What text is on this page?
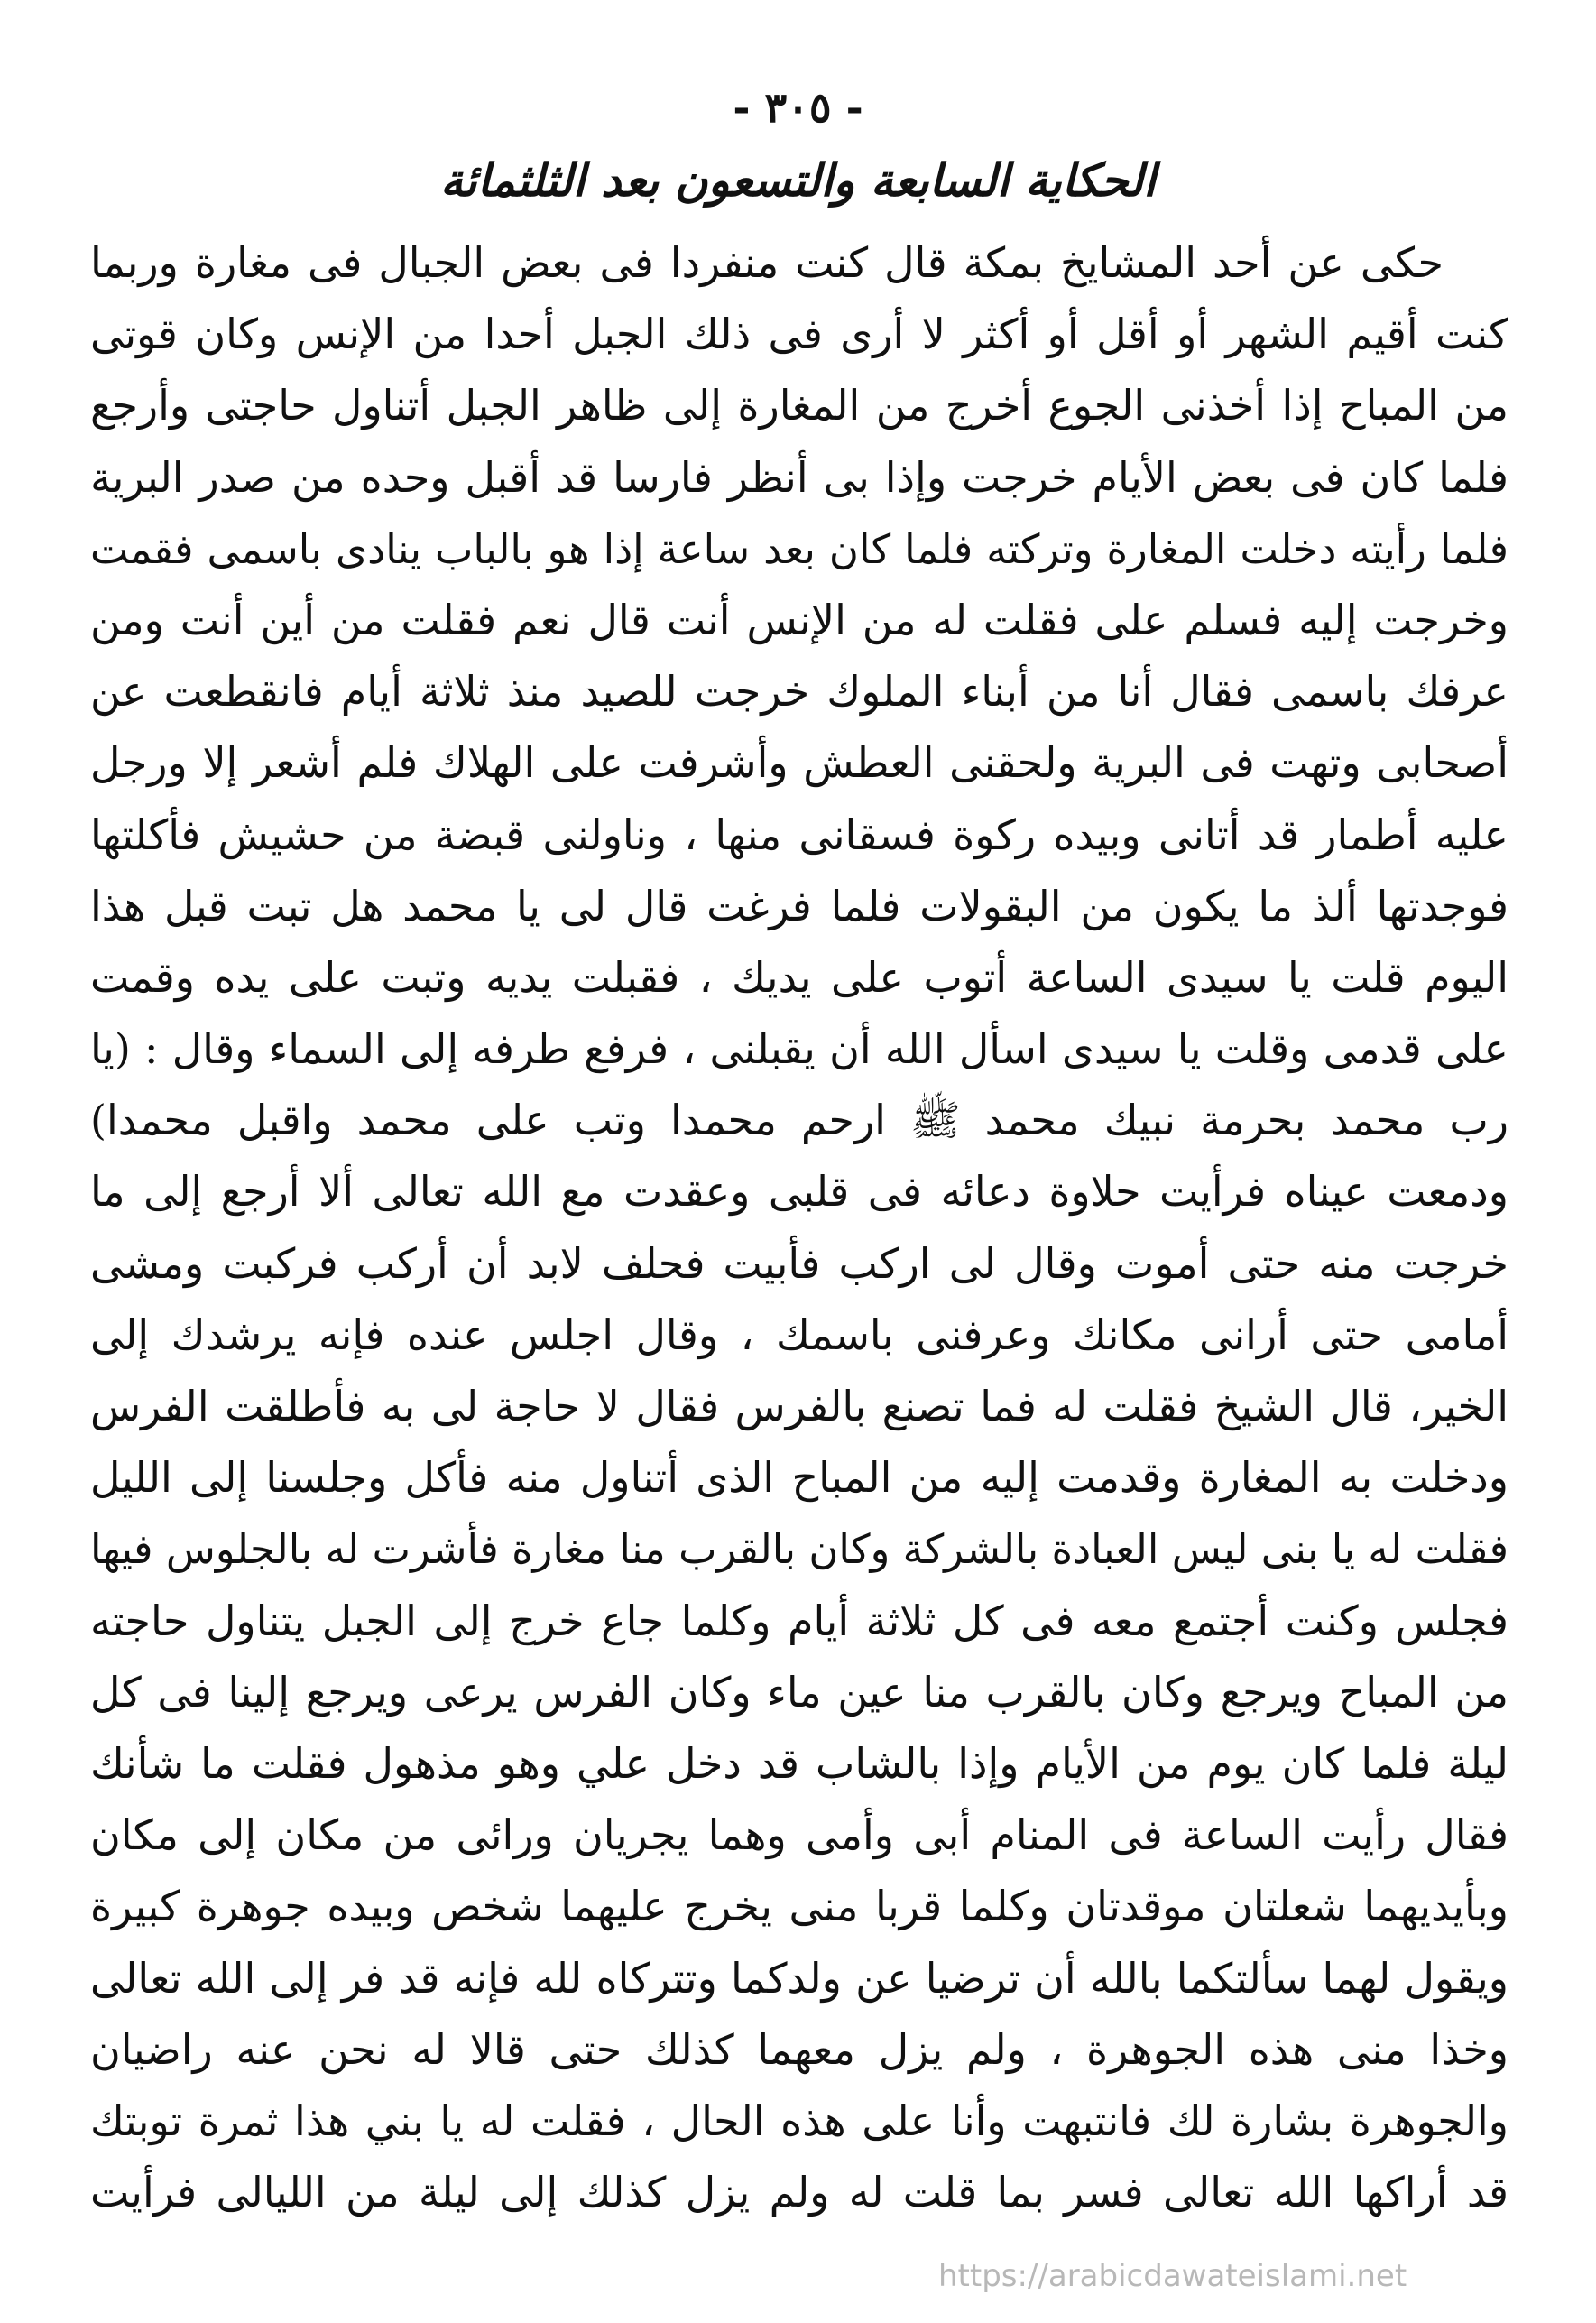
- ٣٠٥ -
الحكاية السابعة والتسعون بعد الثلثمائة
حكى عن أحد المشايخ بمكة قال كنت منفردا فى بعض الجبال فى مغارة وربما
كنت أقيم الشهر أو أقل أو أكثر لا أرى فى ذلك الجبل أحدا من الإنس وكان قوتى
من المباح إذا أخذنى الجوع أخرج من المغارة إلى ظاهر الجبل أتناول حاجتى وأرجع
فلما كان فى بعض الأيام خرجت وإذا بى أنظر فارسا قد أقبل وحده من صدر البرية
فلما رأيته دخلت المغارة وتركته فلما كان بعد ساعة إذا هو بالباب ينادى باسمى فقمت
وخرجت إليه فسلم على فقلت له من الإنس أنت قال نعم فقلت من أين أنت ومن
عرفك باسمى فقال أنا من أبناء الملوك خرجت للصيد منذ ثلاثة أيام فانقطعت عن
أصحابى وتهت فى البرية ولحقنى العطش وأشرفت على الهلاك فلم أشعر إلا ورجل
عليه أطمار قد أتانى وبيده ركوة فسقانى منها ، وناولنى قبضة من حشيش فأكلتها
فوجدتها ألذ ما يكون من البقولات فلما فرغت قال لى يا محمد هل تبت قبل هذا
اليوم قلت يا سيدى الساعة أتوب على يديك ، فقبلت يديه وتبت على يده وقمت
على قدمى وقلت يا سيدى اسأل الله أن يقبلنى ، فرفع طرفه إلى السماء وقال : (يا
رب محمد بحرمة نبيك محمد ﷺ ارحم محمدا وتب على محمد واقبل محمدا)
ودمعت عيناه فرأيت حلاوة دعائه فى قلبى وعقدت مع الله تعالى ألا أرجع إلى ما
خرجت منه حتى أموت وقال لى اركب فأبيت فحلف لابد أن أركب فركبت ومشى
أمامى حتى أرانى مكانك وعرفنى باسمك ، وقال اجلس عنده فإنه يرشدك إلى
الخير، قال الشيخ فقلت له فما تصنع بالفرس فقال لا حاجة لى به فأطلقت الفرس
ودخلت به المغارة وقدمت إليه من المباح الذى أتناول منه فأكل وجلسنا إلى الليل
فقلت له يا بنى ليس العبادة بالشركة وكان بالقرب منا مغارة فأشرت له بالجلوس فيها
فجلس وكنت أجتمع معه فى كل ثلاثة أيام وكلما جاع خرج إلى الجبل يتناول حاجته
من المباح ويرجع وكان بالقرب منا عين ماء وكان الفرس يرعى ويرجع إلينا فى كل
ليلة فلما كان يوم من الأيام وإذا بالشاب قد دخل علي وهو مذهول فقلت ما شأنك
فقال رأيت الساعة فى المنام أبى وأمى وهما يجريان ورائى من مكان إلى مكان
وبأيديهما شعلتان موقدتان وكلما قربا منى يخرج عليهما شخص وبيده جوهرة كبيرة
ويقول لهما سألتكما بالله أن ترضيا عن ولدكما وتتركاه لله فإنه قد فر إلى الله تعالى
وخذا منى هذه الجوهرة ، ولم يزل معهما كذلك حتى قالا له نحن عنه راضيان
والجوهرة بشارة لك فانتبهت وأنا على هذه الحال ، فقلت له يا بني هذا ثمرة توبتك
قد أراكها الله تعالى فسر بما قلت له ولم يزل كذلك إلى ليلة من الليالى فرأيت
https://arabicdawateislami.net
